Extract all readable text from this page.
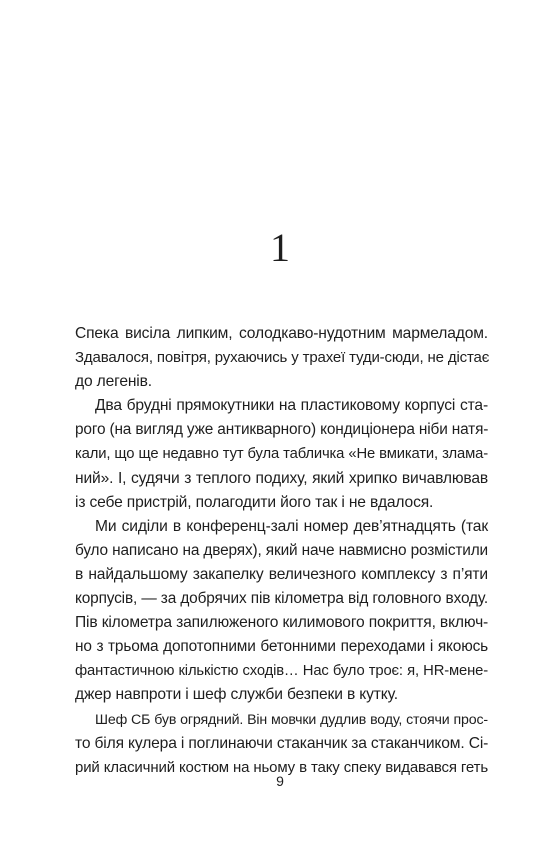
1
Спека висіла липким, солодкаво-нудотним мармеладом.
Здавалося, повітря, рухаючись у трахеї туди-сюди, не дістає
до легенів.
Два брудні прямокутники на пластиковому корпусі ста-
рого (на вигляд уже антикварного) кондиціонера ніби натя-
кали, що ще недавно тут була табличка «Не вмикати, злама-
ний». І, судячи з теплого подиху, який хрипко вичавлював
із себе пристрій, полагодити його так і не вдалося.
Ми сиділи в конференц-залі номер дев’ятнадцять (так
було написано на дверях), який наче навмисно розмістили
в найдальшому закапелку величезного комплексу з п’яти
корпусів, — за добрячих пів кілометра від головного входу.
Пів кілометра запилюженого килимового покриття, включ-
но з трьома допотопними бетонними переходами і якоюсь
фантастичною кількістю сходів… Нас було троє: я, HR-мене-
джер навпроти і шеф служби безпеки в кутку.
Шеф СБ був огрядний. Він мовчки дудлив воду, стоячи прос-
то біля кулера і поглинаючи стаканчик за стаканчиком. Сі-
рий класичний костюм на ньому в таку спеку видавався геть
9
